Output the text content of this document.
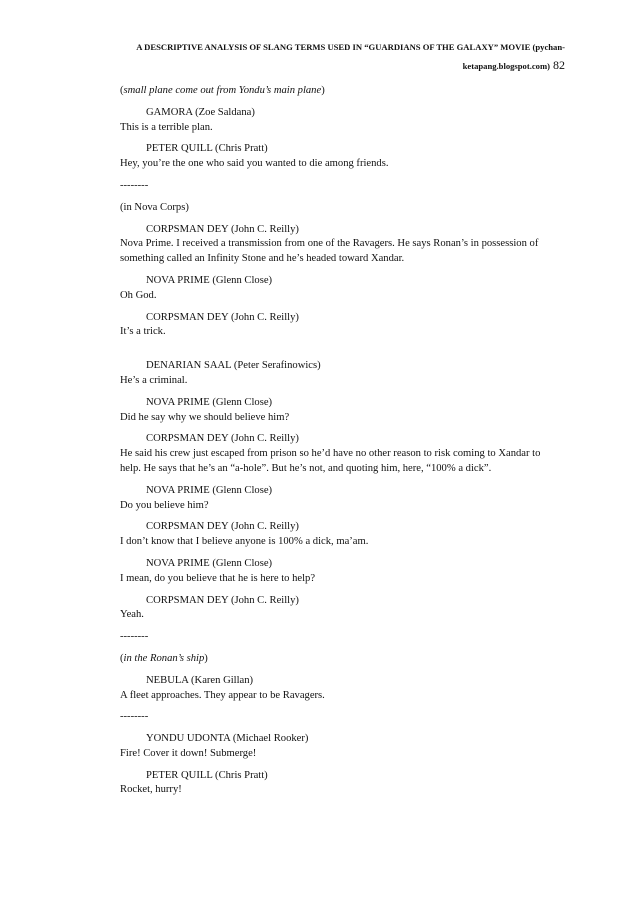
A DESCRIPTIVE ANALYSIS OF SLANG TERMS USED IN “GUARDIANS OF THE GALAXY” MOVIE (pychan-
ketapang.blogspot.com) 82
(small plane come out from Yondu’s main plane)
GAMORA (Zoe Saldana)
This is a terrible plan.
PETER QUILL (Chris Pratt)
Hey, you’re the one who said you wanted to die among friends.
--------
(in Nova Corps)
CORPSMAN DEY (John C. Reilly)
Nova Prime. I received a transmission from one of the Ravagers. He says Ronan’s in possession of something called an Infinity Stone and he’s headed toward Xandar.
NOVA PRIME (Glenn Close)
Oh God.
CORPSMAN DEY (John C. Reilly)
It’s a trick.
DENARIAN SAAL (Peter Serafinowics)
He’s a criminal.
NOVA PRIME (Glenn Close)
Did he say why we should believe him?
CORPSMAN DEY (John C. Reilly)
He said his crew just escaped from prison so he’d have no other reason to risk coming to Xandar to help. He says that he’s an “a-hole”. But he’s not, and quoting him, here, “100% a dick”.
NOVA PRIME (Glenn Close)
Do you believe him?
CORPSMAN DEY (John C. Reilly)
I don’t know that I believe anyone is 100% a dick, ma’am.
NOVA PRIME (Glenn Close)
I mean, do you believe that he is here to help?
CORPSMAN DEY (John C. Reilly)
Yeah.
--------
(in the Ronan’s ship)
NEBULA (Karen Gillan)
A fleet approaches. They appear to be Ravagers.
--------
YONDU UDONTA (Michael Rooker)
Fire! Cover it down! Submerge!
PETER QUILL (Chris Pratt)
Rocket, hurry!
